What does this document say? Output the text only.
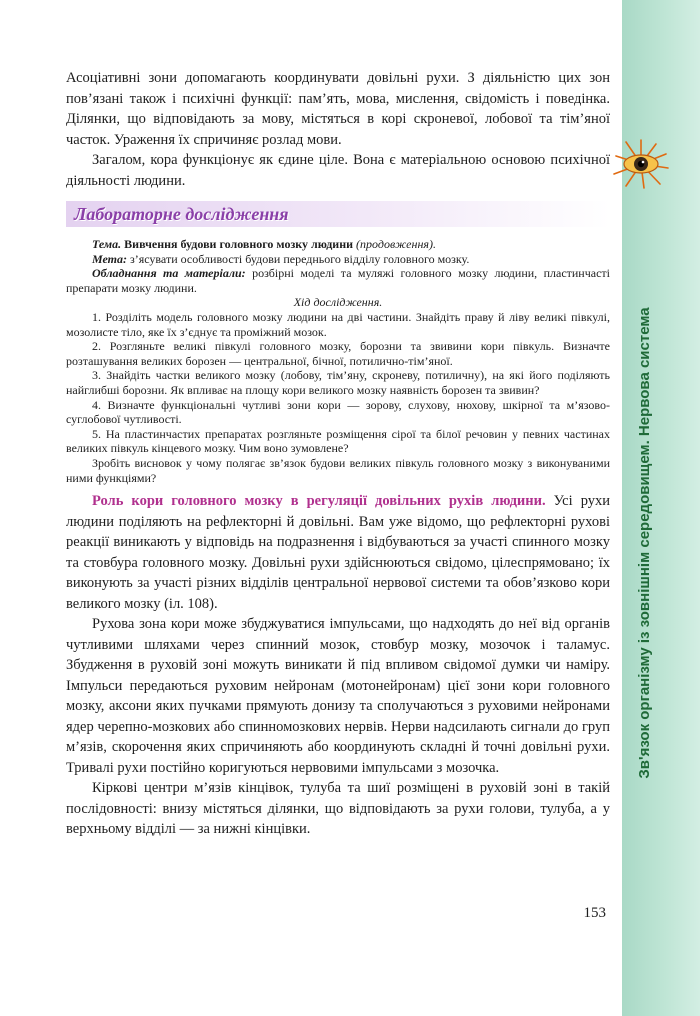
Зв'язок організму із зовнішнім середовищем. Нервова система

Асоціативні зони допомагають координувати довільні рухи. З діяльністю цих зон пов’язані також і психічні функції: пам’ять, мова, мислення, свідомість і поведінка. Ділянки, що відповідають за мову, містяться в корі скроневої, лобової та тім’яної часток. Ураження їх спричиняє розлад мови.

Загалом, кора функціонує як єдине ціле. Вона є матеріальною основою психічної діяльності людини.

Лабораторне дослідження

Тема. Вивчення будови головного мозку людини (продовження).

Мета: з’ясувати особливості будови переднього відділу головного мозку.

Обладнання та матеріали: розбірні моделі та муляжі головного мозку людини, пластинчасті препарати мозку людини.

Хід дослідження.

1. Розділіть модель головного мозку людини на дві частини. Знайдіть праву й ліву великі півкулі, мозолисте тіло, яке їх з’єднує та проміжний мозок.

2. Розгляньте великі півкулі головного мозку, борозни та звивини кори півкуль. Визначте розташування великих борозен — центральної, бічної, потилично-тім’яної.

3. Знайдіть частки великого мозку (лобову, тім’яну, скроневу, потиличну), на які його поділяють найглибші борозни. Як впливає на площу кори великого мозку наявність борозен та звивин?

4. Визначте функціональні чутливі зони кори — зорову, слухову, нюхову, шкірної та м’язово-суглобової чутливості.

5. На пластинчастих препаратах розгляньте розміщення сірої та білої речовин у певних частинах великих півкуль кінцевого мозку. Чим воно зумовлене?

Зробіть висновок у чому полягає зв’язок будови великих півкуль головного мозку з виконуваними ними функціями?

Роль кори головного мозку в регуляції довільних рухів людини. Усі рухи людини поділяють на рефлекторні й довільні. Вам уже відомо, що рефлекторні рухові реакції виникають у відповідь на подразнення і відбуваються за участі спинного мозку та стовбура головного мозку. Довільні рухи здійснюються свідомо, цілеспрямовано; їх виконують за участі різних відділів центральної нервової системи та обов’язково кори великого мозку (іл. 108).

Рухова зона кори може збуджуватися імпульсами, що надходять до неї від органів чутливими шляхами через спинний мозок, стовбур мозку, мозочок і таламус. Збудження в руховій зоні можуть виникати й під впливом свідомої думки чи наміру. Імпульси передаються руховим нейронам (мотонейронам) цієї зони кори головного мозку, аксони яких пучками прямують донизу та сполучаються з руховими нейронами ядер черепно-мозкових або спинномозкових нервів. Нерви надсилають сигнали до груп м’язів, скорочення яких спричиняють або координують складні й точні довільні рухи. Тривалі рухи постійно коригуються нервовими імпульсами з мозочка.

Кіркові центри м’язів кінцівок, тулуба та шиї розміщені в руховій зоні в такій послідовності: внизу містяться ділянки, що відповідають за рухи голови, тулуба, а у верхньому відділі — за нижні кінцівки.

153
